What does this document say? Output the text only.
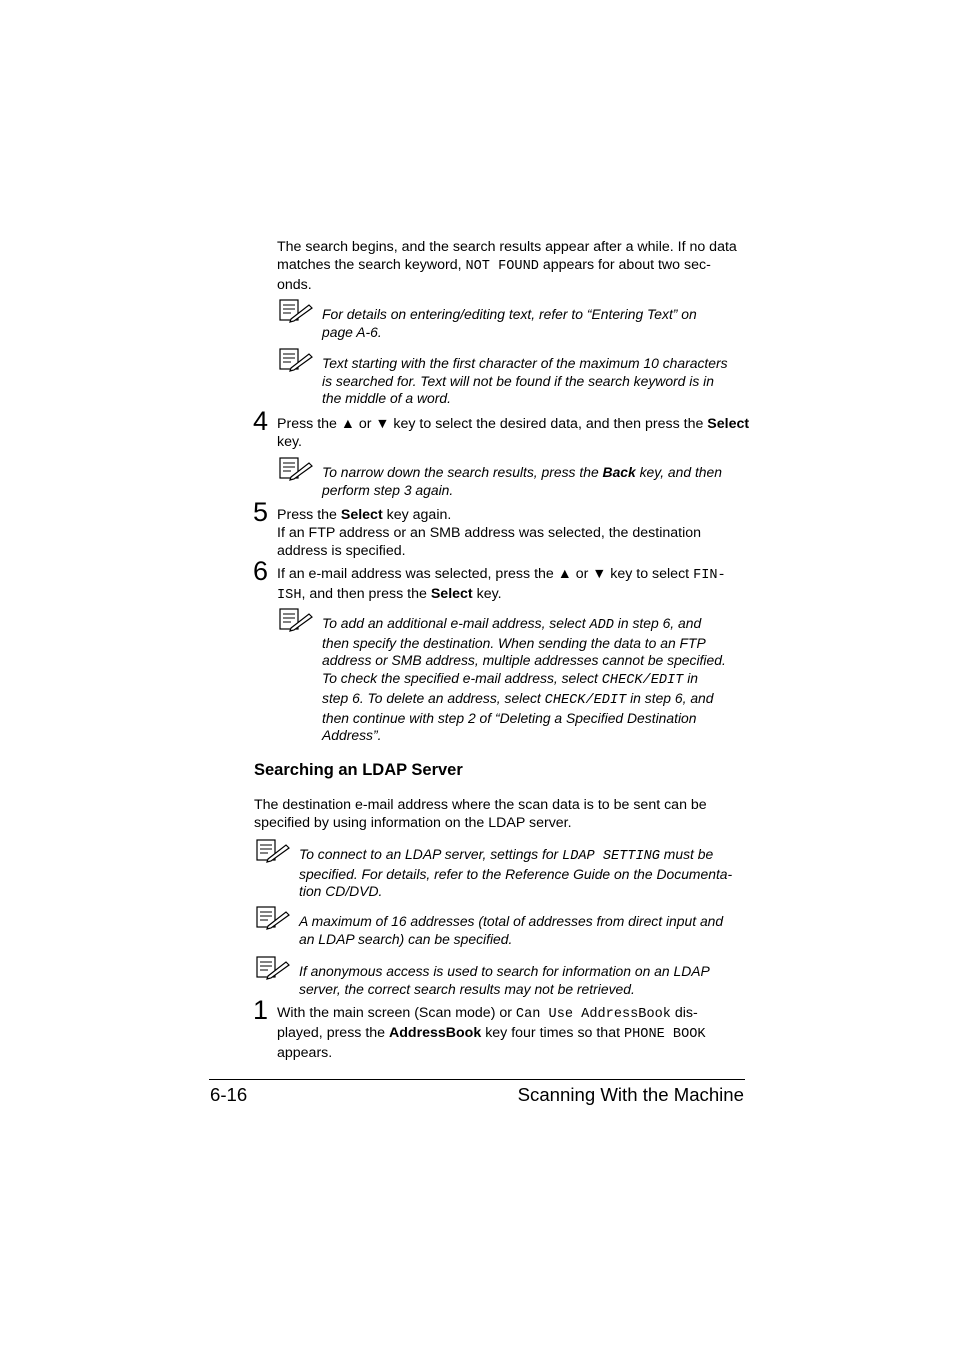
The search begins, and the search results appear after a while. If no data
matches the search keyword, NOT FOUND appears for about two sec-
onds.
For details on entering/editing text, refer to “Entering Text” on
page A-6.
Text starting with the first character of the maximum 10 characters
is searched for. Text will not be found if the search keyword is in
the middle of a word.
4 Press the ▲ or ▼ key to select the desired data, and then press the Select
key.
To narrow down the search results, press the Back key, and then
perform step 3 again.
5 Press the Select key again.
If an FTP address or an SMB address was selected, the destination
address is specified.
6 If an e-mail address was selected, press the ▲ or ▼ key to select FIN-
ISH, and then press the Select key.
To add an additional e-mail address, select ADD in step 6, and
then specify the destination. When sending the data to an FTP
address or SMB address, multiple addresses cannot be specified.
To check the specified e-mail address, select CHECK/EDIT in
step 6. To delete an address, select CHECK/EDIT in step 6, and
then continue with step 2 of “Deleting a Specified Destination
Address”.
Searching an LDAP Server
The destination e-mail address where the scan data is to be sent can be
specified by using information on the LDAP server.
To connect to an LDAP server, settings for LDAP SETTING must be
specified. For details, refer to the Reference Guide on the Documenta-
tion CD/DVD.
A maximum of 16 addresses (total of addresses from direct input and
an LDAP search) can be specified.
If anonymous access is used to search for information on an LDAP
server, the correct search results may not be retrieved.
1 With the main screen (Scan mode) or Can Use AddressBook dis-
played, press the AddressBook key four times so that PHONE BOOK
appears.
6-16	Scanning With the Machine
